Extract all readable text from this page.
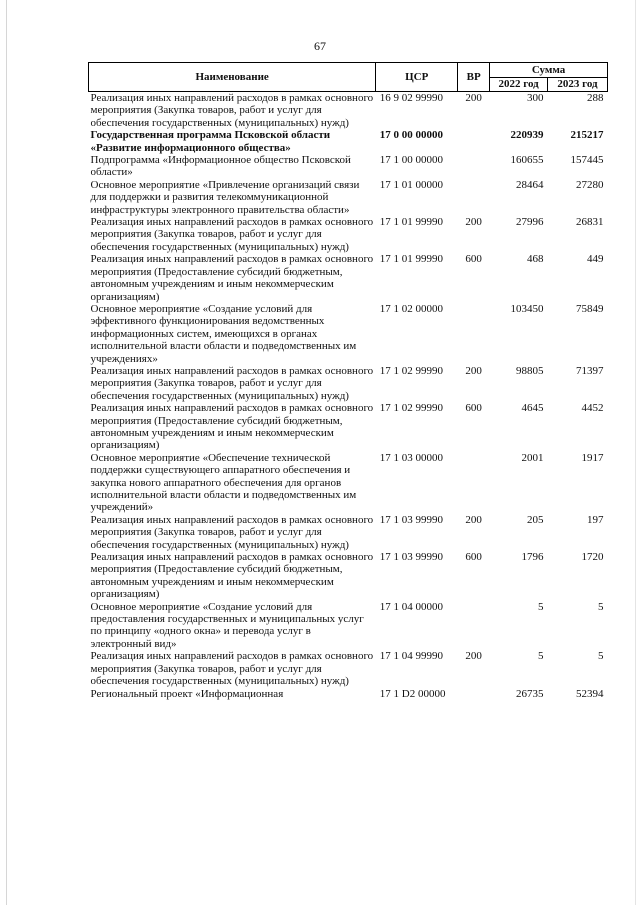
67
Наименование	ЦСР	ВР	Сумма	
			2022 год	2023 год
Реализация иных направлений расходов в рамках основного мероприятия (Закупка товаров, работ и услуг для обеспечения государственных (муниципальных) нужд)	16 9 02 99990	200	300	288
Государственная программа Псковской области «Развитие информационного общества»	17 0 00 00000		220939	215217
Подпрограмма «Информационное общество Псковской области»	17 1 00 00000		160655	157445
Основное мероприятие «Привлечение организаций связи для поддержки и развития телекоммуникационной инфраструктуры электронного правительства области»	17 1 01 00000		28464	27280
Реализация иных направлений расходов в рамках основного мероприятия (Закупка товаров, работ и услуг для обеспечения государственных (муниципальных) нужд)	17 1 01 99990	200	27996	26831
Реализация иных направлений расходов в рамках основного мероприятия (Предоставление субсидий бюджетным, автономным учреждениям и иным некоммерческим организациям)	17 1 01 99990	600	468	449
Основное мероприятие «Создание условий для эффективного функционирования ведомственных информационных систем, имеющихся в органах исполнительной власти области и подведомственных им учреждениях»	17 1 02 00000		103450	75849
Реализация иных направлений расходов в рамках основного мероприятия (Закупка товаров, работ и услуг для обеспечения государственных (муниципальных) нужд)	17 1 02 99990	200	98805	71397
Реализация иных направлений расходов в рамках основного мероприятия (Предоставление субсидий бюджетным, автономным учреждениям и иным некоммерческим организациям)	17 1 02 99990	600	4645	4452
Основное мероприятие «Обеспечение технической поддержки существующего аппаратного обеспечения и закупка нового аппаратного обеспечения для органов исполнительной власти области и подведомственных им учреждений»	17 1 03 00000		2001	1917
Реализация иных направлений расходов в рамках основного мероприятия (Закупка товаров, работ и услуг для обеспечения государственных (муниципальных) нужд)	17 1 03 99990	200	205	197
Реализация иных направлений расходов в рамках основного мероприятия (Предоставление субсидий бюджетным, автономным учреждениям и иным некоммерческим организациям)	17 1 03 99990	600	1796	1720
Основное мероприятие «Создание условий для предоставления государственных и муниципальных услуг по принципу «одного окна» и перевода услуг в электронный вид»	17 1 04 00000		5	5
Реализация иных направлений расходов в рамках основного мероприятия (Закупка товаров, работ и услуг для обеспечения государственных (муниципальных) нужд)	17 1 04 99990	200	5	5
Региональный проект «Информационная	17 1 D2 00000		26735	52394
